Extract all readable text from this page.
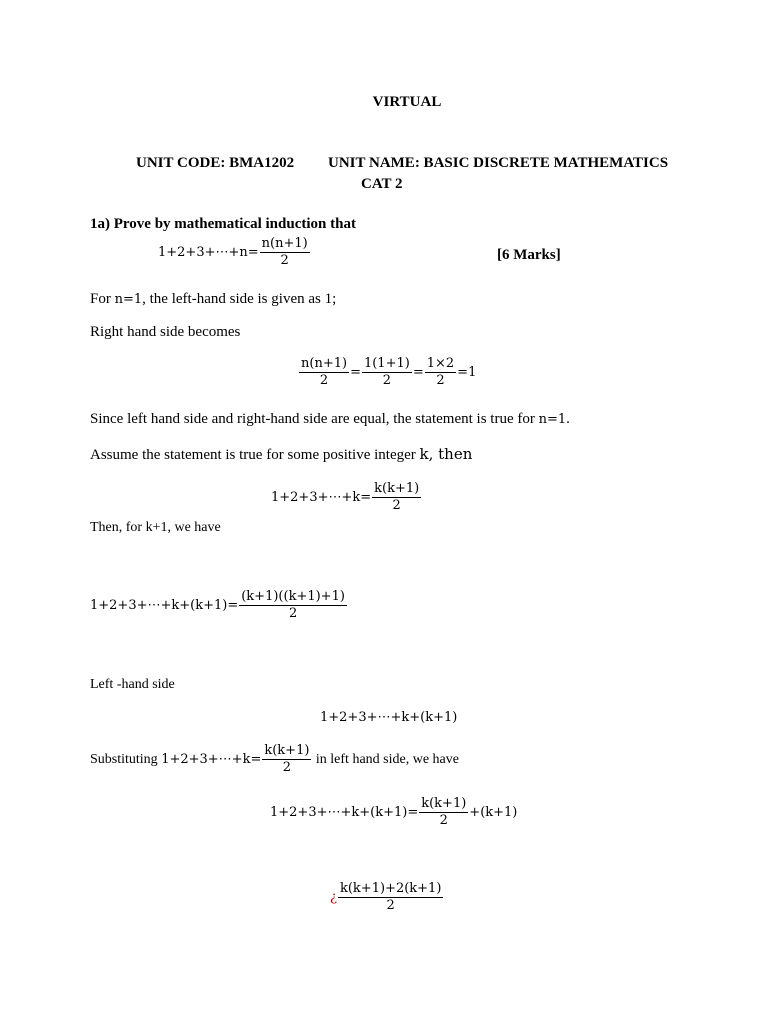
VIRTUAL
UNIT CODE: BMA1202 UNIT NAME: BASIC DISCRETE MATHEMATICS
CAT 2
1a) Prove by mathematical induction that
1+2+3+⋯+n= $\frac{n(n+1)}{2}$	[6 Marks]
For n=1, the left-hand side is given as 1;
Right hand side becomes
$\frac{n(n+1)}{2} = \frac{1(1+1)}{2} = \frac{1\times 2}{2} =1$
Since left hand side and right-hand side are equal, the statement is true for n=1.
Assume the statement is true for some positive integer k, then
1+2+3+⋯+k= $\frac{k(k+1)}{2}$
Then, for k+1, we have
1+2+3+⋯+k+(k+1)= $\frac{(k+1)((k+1)+1)}{2}$
Left -hand side
1+2+3+⋯+k+(k+1)
Substituting 1+2+3+⋯+k= $\frac{k(k+1)}{2}$ in left hand side, we have
1+2+3+⋯+k+(k+1)= $\frac{k(k+1)}{2} +(k+1)$
¿ $\frac{k(k+1)+2(k+1)}{2}$
